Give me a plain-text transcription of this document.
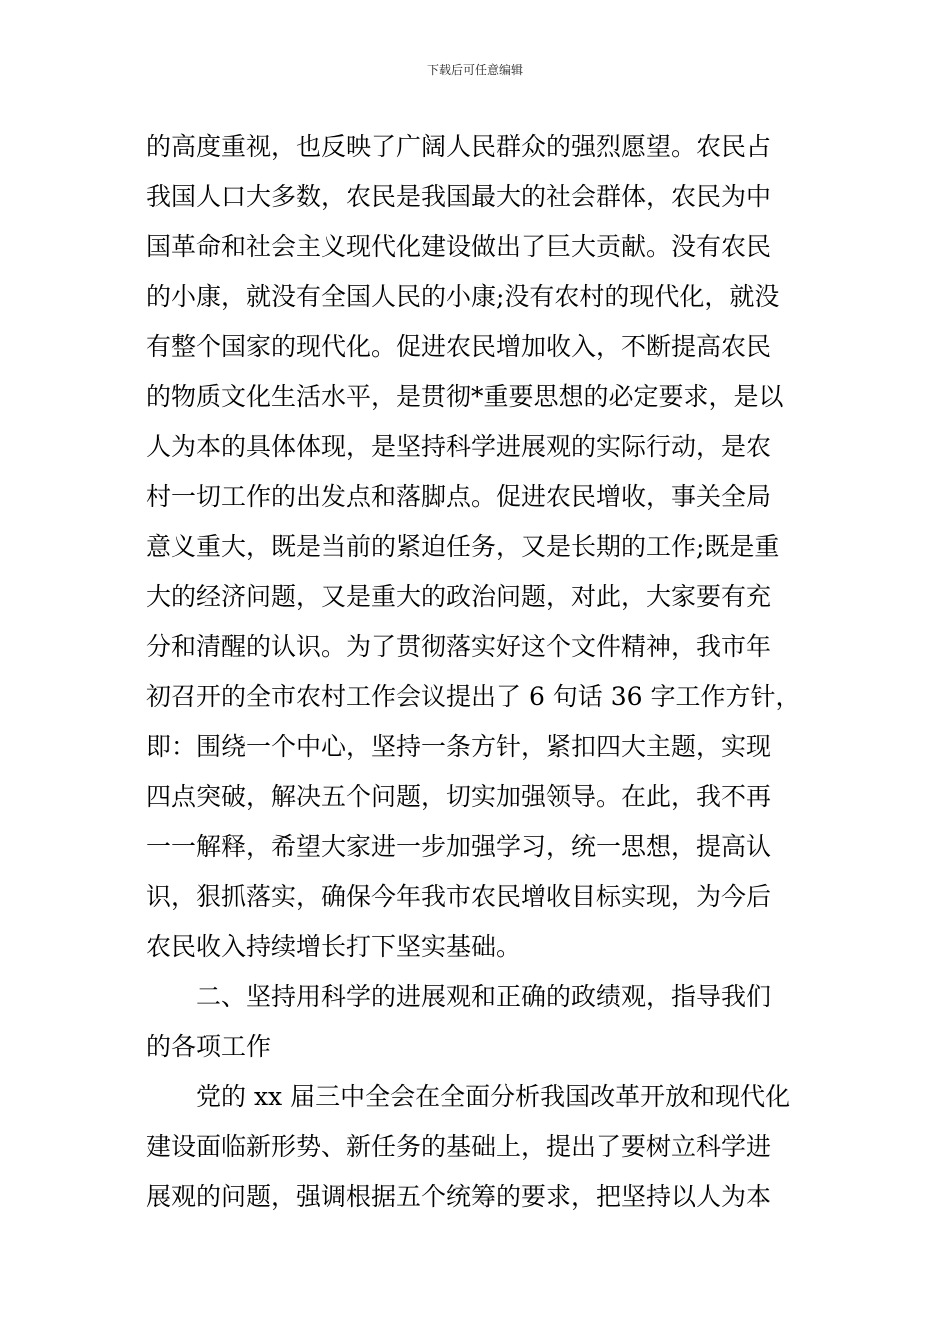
下载后可任意编辑
的高度重视，也反映了广阔人民群众的强烈愿望。农民占
我国人口大多数，农民是我国最大的社会群体，农民为中
国革命和社会主义现代化建设做出了巨大贡献。没有农民
的小康，就没有全国人民的小康;没有农村的现代化，就没
有整个国家的现代化。促进农民增加收入，不断提高农民
的物质文化生活水平，是贯彻*重要思想的必定要求，是以
人为本的具体体现，是坚持科学进展观的实际行动，是农
村一切工作的出发点和落脚点。促进农民增收，事关全局
意义重大，既是当前的紧迫任务，又是长期的工作;既是重
大的经济问题，又是重大的政治问题，对此，大家要有充
分和清醒的认识。为了贯彻落实好这个文件精神，我市年
初召开的全市农村工作会议提出了 6 句话 36 字工作方针，
即：围绕一个中心，坚持一条方针，紧扣四大主题，实现
四点突破，解决五个问题，切实加强领导。在此，我不再
一一解释，希望大家进一步加强学习，统一思想，提高认
识，狠抓落实，确保今年我市农民增收目标实现，为今后
农民收入持续增长打下坚实基础。
二、坚持用科学的进展观和正确的政绩观，指导我们
的各项工作
党的 xx 届三中全会在全面分析我国改革开放和现代化
建设面临新形势、新任务的基础上，提出了要树立科学进
展观的问题，强调根据五个统筹的要求，把坚持以人为本
